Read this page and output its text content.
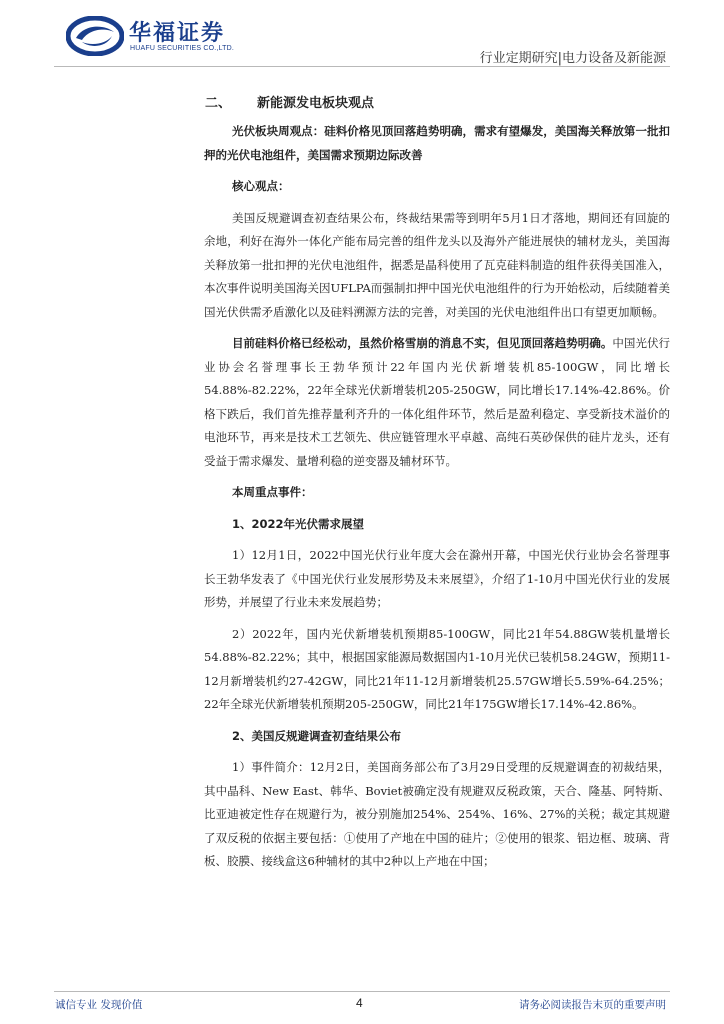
华福证券
HUAFU SECURITIES CO.,LTD.
行业定期研究|电力设备及新能源
二、 新能源发电板块观点

光伏板块周观点：硅料价格见顶回落趋势明确，需求有望爆发，美国海关释放第一批扣押的光伏电池组件，美国需求预期边际改善

核心观点：

美国反规避调查初查结果公布，终裁结果需等到明年5月1日才落地，期间还有回旋的余地，利好在海外一体化产能布局完善的组件龙头以及海外产能进展快的辅材龙头，美国海关释放第一批扣押的光伏电池组件，据悉是晶科使用了瓦克硅料制造的组件获得美国准入，本次事件说明美国海关因UFLPA而强制扣押中国光伏电池组件的行为开始松动，后续随着美国光伏供需矛盾激化以及硅料溯源方法的完善，对美国的光伏电池组件出口有望更加顺畅。

目前硅料价格已经松动，虽然价格雪崩的消息不实，但见顶回落趋势明确。中国光伏行业协会名誉理事长王勃华预计22年国内光伏新增装机85-100GW，同比增长54.88%-82.22%，22年全球光伏新增装机205-250GW，同比增长17.14%-42.86%。价格下跌后，我们首先推荐量利齐升的一体化组件环节，然后是盈利稳定、享受新技术溢价的电池环节，再来是技术工艺领先、供应链管理水平卓越、高纯石英砂保供的硅片龙头，还有受益于需求爆发、量增利稳的逆变器及辅材环节。

本周重点事件：

1、2022年光伏需求展望

1）12月1日，2022中国光伏行业年度大会在滁州开幕，中国光伏行业协会名誉理事长王勃华发表了《中国光伏行业发展形势及未来展望》，介绍了1-10月中国光伏行业的发展形势，并展望了行业未来发展趋势；

2）2022年，国内光伏新增装机预期85-100GW，同比21年54.88GW装机量增长54.88%-82.22%；其中，根据国家能源局数据国内1-10月光伏已装机58.24GW，预期11-12月新增装机约27-42GW，同比21年11-12月新增装机25.57GW增长5.59%-64.25%；22年全球光伏新增装机预期205-250GW，同比21年175GW增长17.14%-42.86%。

2、美国反规避调查初查结果公布

1）事件简介：12月2日，美国商务部公布了3月29日受理的反规避调查的初裁结果，其中晶科、New East、韩华、Boviet被确定没有规避双反税政策，天合、隆基、阿特斯、比亚迪被定性存在规避行为，被分别施加254%、254%、16%、27%的关税；裁定其规避了双反税的依据主要包括：①使用了产地在中国的硅片；②使用的银浆、铝边框、玻璃、背板、胶膜、接线盒这6种辅材的其中2种以上产地在中国；

诚信专业 发现价值	4	请务必阅读报告末页的重要声明
